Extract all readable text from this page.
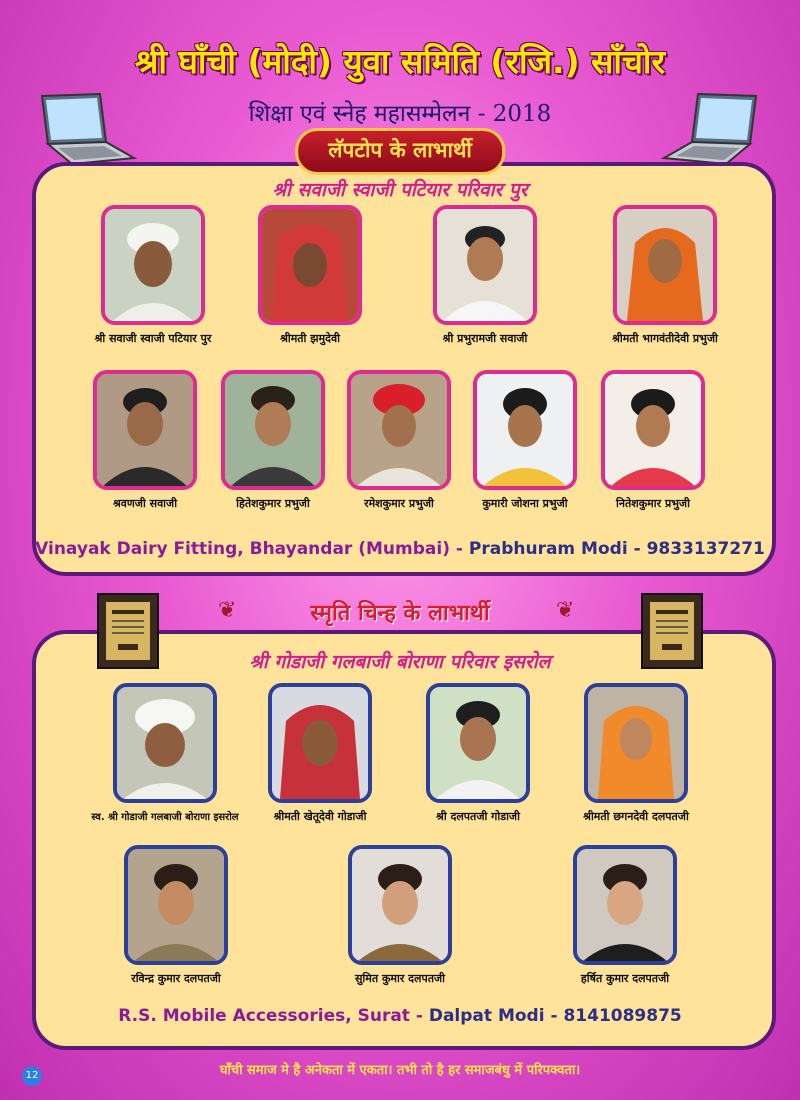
श्री घाँची (मोदी) युवा समिति (रजि.) साँचोर
शिक्षा एवं स्नेह महासम्मेलन - 2018
लॅपटोप के लाभार्थी
श्री सवाजी स्वाजी पटियार परिवार पुर
श्री सवाजी स्वाजी पटियार पुर	श्रीमती झमुदेवी	श्री प्रभुरामजी सवाजी	श्रीमती भागवंतीदेवी प्रभुजी
श्रवणजी सवाजी	हितेशकुमार प्रभुजी	रमेशकुमार प्रभुजी	कुमारी जोशना प्रभुजी	नितेशकुमार प्रभुजी
Vinayak Dairy Fitting, Bhayandar (Mumbai) - Prabhuram Modi - 9833137271
❦	❦
स्मृति चिन्ह के लाभार्थी
श्री गोडाजी गलबाजी बोराणा परिवार इसरोल
स्व. श्री गोडाजी गलबाजी बोराणा इसरोल	श्रीमती खेतूदेवी गोडाजी	श्री दलपतजी गोडाजी	श्रीमती छगनदेवी दलपतजी
रविन्द्र कुमार दलपतजी	सुमित कुमार दलपतजी	हर्षित कुमार दलपतजी
R.S. Mobile Accessories, Surat - Dalpat Modi - 8141089875
12	घाँची समाज मे है अनेकता में एकता। तभी तो है हर समाजबंधु में परिपक्वता।
